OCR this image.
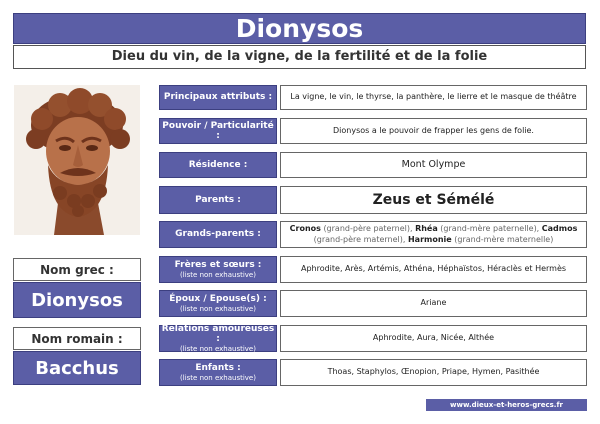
Dionysos
Dieu du vin, de la vigne, de la fertilité et de la folie
Nom grec :
Dionysos
Nom romain :
Bacchus
Principaux attributs : La vigne, le vin, le thyrse, la panthère, le lierre et le masque de théâtre
Pouvoir / Particularité :
Dionysos a le pouvoir de frapper les gens de folie.
Résidence :	Mont Olympe
Parents :	Zeus et Sémélé
Grands-parents :
Cronos (grand-père paternel), Rhéa (grand-mère paternelle), Cadmos (grand-père maternel), Harmonie (grand-mère maternelle)
Frères et sœurs :
(liste non exhaustive)
Aphrodite, Arès, Artémis, Athéna, Héphaïstos, Héraclès et Hermès
Époux / Epouse(s) :
(liste non exhaustive)
Ariane
Relations amoureuses :
(liste non exhaustive)
Aphrodite, Aura, Nicée, Althée
Enfants :
(liste non exhaustive)
Thoas, Staphylos, Œnopion, Priape, Hymen, Pasithée
www.dieux-et-heros-grecs.fr
